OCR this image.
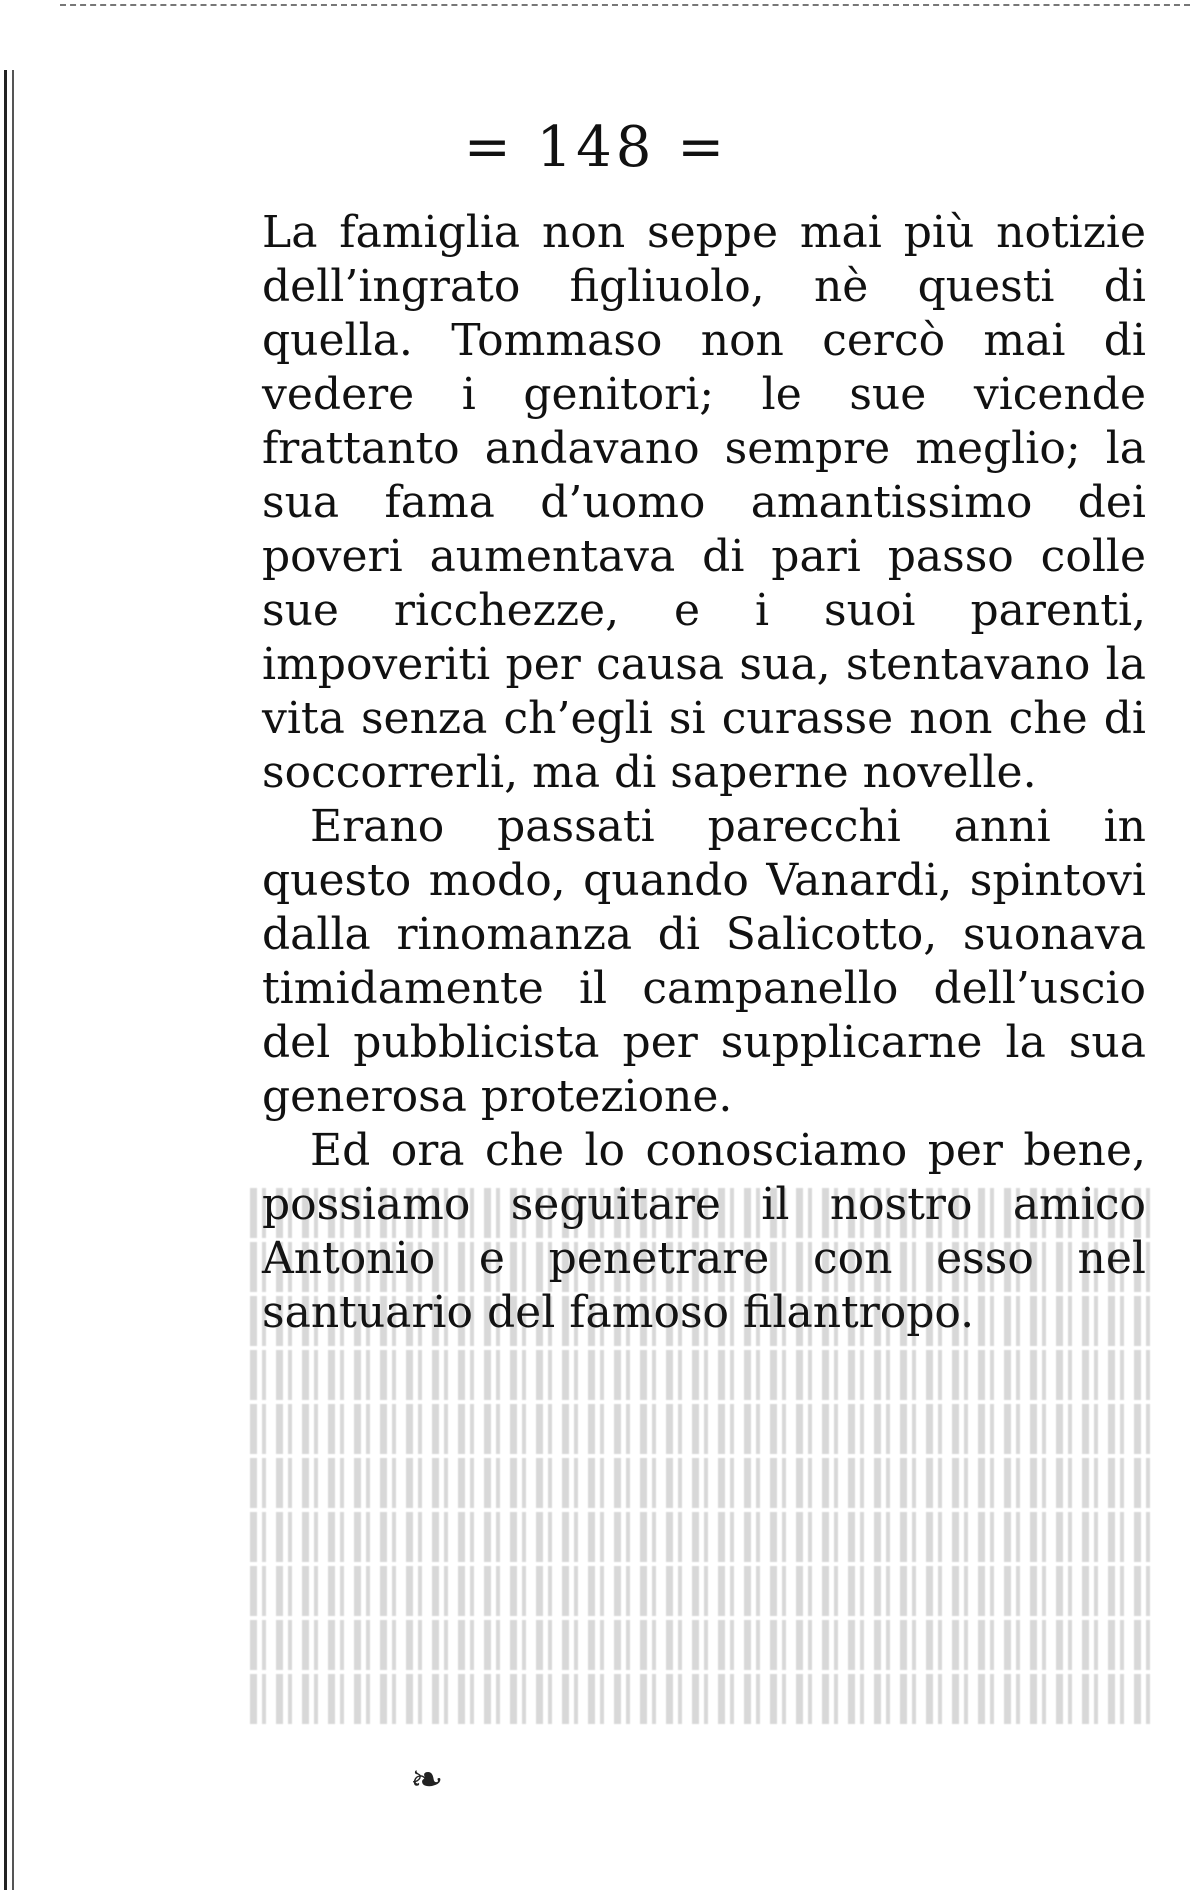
= 148 =

La famiglia non seppe mai più notizie dell’ingrato figliuolo, nè questi di quella. Tommaso non cercò mai di vedere i genitori; le sue vicende frattanto andavano sempre meglio; la sua fama d’uomo amantissimo dei poveri aumentava di pari passo colle sue ricchezze, e i suoi parenti, impoveriti per causa sua, stentavano la vita senza ch’egli si curasse non che di soccorrerli, ma di saperne novelle.

Erano passati parecchi anni in questo modo, quando Vanardi, spintovi dalla rinomanza di Salicotto, suonava timidamente il campanello dell’uscio del pubblicista per supplicarne la sua generosa protezione.

Ed ora che lo conosciamo per bene, possiamo seguitare il nostro amico Antonio e penetrare con esso nel santuario del famoso filantropo.

❧
